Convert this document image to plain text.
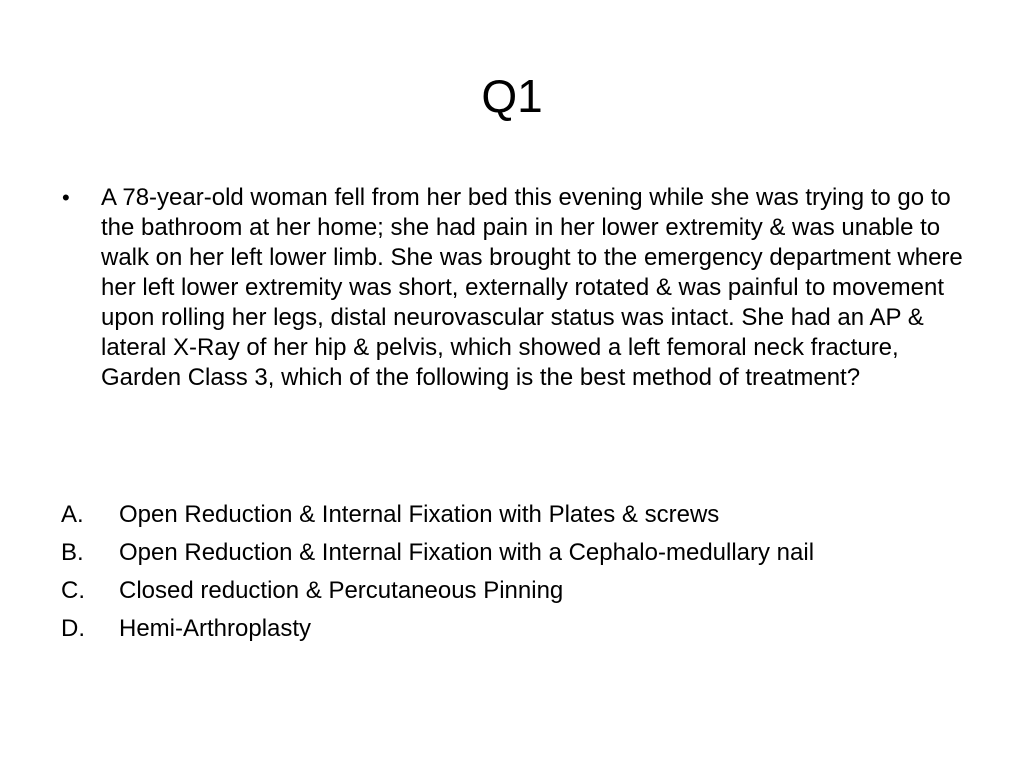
Q1
•	A 78-year-old woman fell from her bed this evening while she was trying to go to the bathroom at her home; she had pain in her lower extremity & was unable to walk on her left lower limb. She was brought to the emergency department where her left lower extremity was short, externally rotated & was painful to movement upon rolling her legs, distal neurovascular status was intact. She had an AP & lateral X-Ray of her hip & pelvis, which showed a left femoral neck fracture, Garden Class 3, which of the following is the best method of treatment?

A.	Open Reduction & Internal Fixation with Plates & screws
B.	Open Reduction & Internal Fixation with a Cephalo-medullary nail
C.	Closed reduction & Percutaneous Pinning
D.	Hemi-Arthroplasty
